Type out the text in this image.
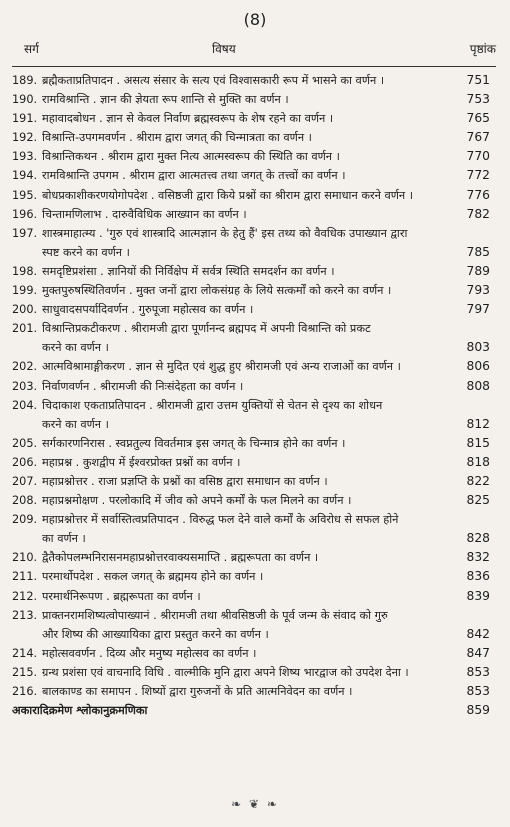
(8)
सर्ग	विषय	पृष्ठांक
189. ब्रह्मैकताप्रतिपादन . असत्य संसार के सत्य एवं विश्वासकारी रूप में भासने का वर्णन ।	751
190. रामविश्रान्ति . ज्ञान की ज्ञेयता रूप शान्ति से मुक्ति का वर्णन ।	753
191. महावादबोधन . ज्ञान से केवल निर्वाण ब्रह्मस्वरूप के शेष रहने का वर्णन ।	765
192. विश्रान्ति-उपगमवर्णन . श्रीराम द्वारा जगत् की चिन्मात्रता का वर्णन ।	767
193. विश्रान्तिकथन . श्रीराम द्वारा मुक्त नित्य आत्मस्वरूप की स्थिति का वर्णन ।	770
194. रामविश्रान्ति उपगम . श्रीराम द्वारा आत्मतत्त्व तथा जगत् के तत्त्वों का वर्णन ।	772
195. बोधप्रकाशीकरणयोगोपदेश . वसिष्ठजी द्वारा किये प्रश्नों का श्रीराम द्वारा समाधान करने वर्णन ।	776
196. चिन्तामणिलाभ . दारुवैविधिक आख्यान का वर्णन ।	782
197. शास्त्रमाहात्म्य . 'गुरु एवं शास्त्रादि आत्मज्ञान के हेतु हैं' इस तथ्य को वैवधिक उपाख्यान द्वारा
स्पष्ट करने का वर्णन ।	785
198. समदृष्टिप्रशंसा . ज्ञानियों की निर्विक्षेप में सर्वत्र स्थिति समदर्शन का वर्णन ।	789
199. मुक्तपुरुषस्थितिवर्णन . मुक्त जनों द्वारा लोकसंग्रह के लिये सत्कर्मों को करने का वर्णन ।	793
200. साधुवादसपर्यादिवर्णन . गुरुपूजा महोत्सव का वर्णन ।	797
201. विश्रान्तिप्रकटीकरण . श्रीरामजी द्वारा पूर्णानन्द ब्रह्मपद में अपनी विश्रान्ति को प्रकट
करने का वर्णन ।	803
202. आत्मविश्रामाङ्गीकरण . ज्ञान से मुदित एवं शुद्ध हुए श्रीरामजी एवं अन्य राजाओं का वर्णन ।	806
203. निर्वाणवर्णन . श्रीरामजी की निःसंदेहता का वर्णन ।	808
204. चिदाकाश एकताप्रतिपादन . श्रीरामजी द्वारा उत्तम युक्तियों से चेतन से दृश्य का शोधन
करने का वर्णन ।	812
205. सर्गकारणनिरास . स्वप्नतुल्य विवर्तमात्र इस जगत् के चिन्मात्र होने का वर्णन ।	815
206. महाप्रश्न . कुशद्वीप में ईश्वरप्रोक्त प्रश्नों का वर्णन ।	818
207. महाप्रश्नोत्तर . राजा प्रज्ञप्ति के प्रश्नों का वसिष्ठ द्वारा समाधान का वर्णन ।	822
208. महाप्रश्नमोक्षण . परलोकादि में जीव को अपने कर्मों के फल मिलने का वर्णन ।	825
209. महाप्रश्नोत्तर में सर्वास्तित्वप्रतिपादन . विरुद्ध फल देने वाले कर्मों के अविरोध से सफल होने
का वर्णन ।	828
210. द्वैतैकोपलम्भनिरासनमहाप्रश्नोत्तरवाक्यसमाप्ति . ब्रह्मरूपता का वर्णन ।	832
211. परमार्थोपदेश . सकल जगत् के ब्रह्ममय होने का वर्णन ।	836
212. परमार्थनिरूपण . ब्रह्मरूपता का वर्णन ।	839
213. प्राक्तनरामशिष्यत्वोपाख्यानं . श्रीरामजी तथा श्रीवसिष्ठजी के पूर्व जन्म के संवाद को गुरु
और शिष्य की आख्यायिका द्वारा प्रस्तुत करने का वर्णन ।	842
214. महोत्सववर्णन . दिव्य और मनुष्य महोत्सव का वर्णन ।	847
215. ग्रन्थ प्रशंसा एवं वाचनादि विधि . वाल्मीकि मुनि द्वारा अपने शिष्य भारद्वाज को उपदेश देना ।	853
216. बालकाण्ड का समापन . शिष्यों द्वारा गुरुजनों के प्रति आत्मनिवेदन का वर्णन ।	853
अकारादिक्रमेण श्लोकानुक्रमणिका	859
❧ ❦ ❧
